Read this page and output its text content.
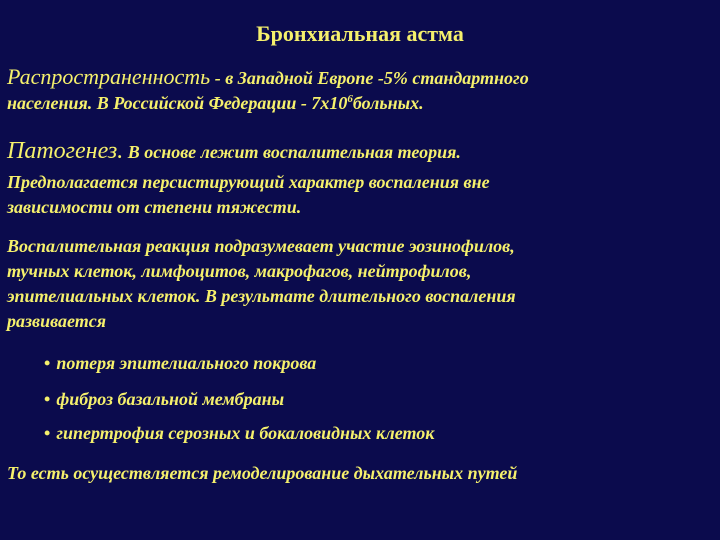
Бронхиальная астма

Распространенность - в Западной Европе -5% стандартного
населения. В Российской Федерации - $7х10^6больных$.

Патогенез. В основе лежит воспалительная теория.

Предполагается персистирующий характер воспаления вне
зависимости от степени тяжести.

Воспалительная реакция подразумевает участие эозинофилов,
тучных клеток, лимфоцитов, макрофагов, нейтрофилов,
эпителиальных клеток. В результате длительного воспаления
развивается

• потеря эпителиального покрова
• фиброз базальной мембраны
• гипертрофия серозных и бокаловидных клеток

То есть осуществляется ремоделирование дыхательных путей
